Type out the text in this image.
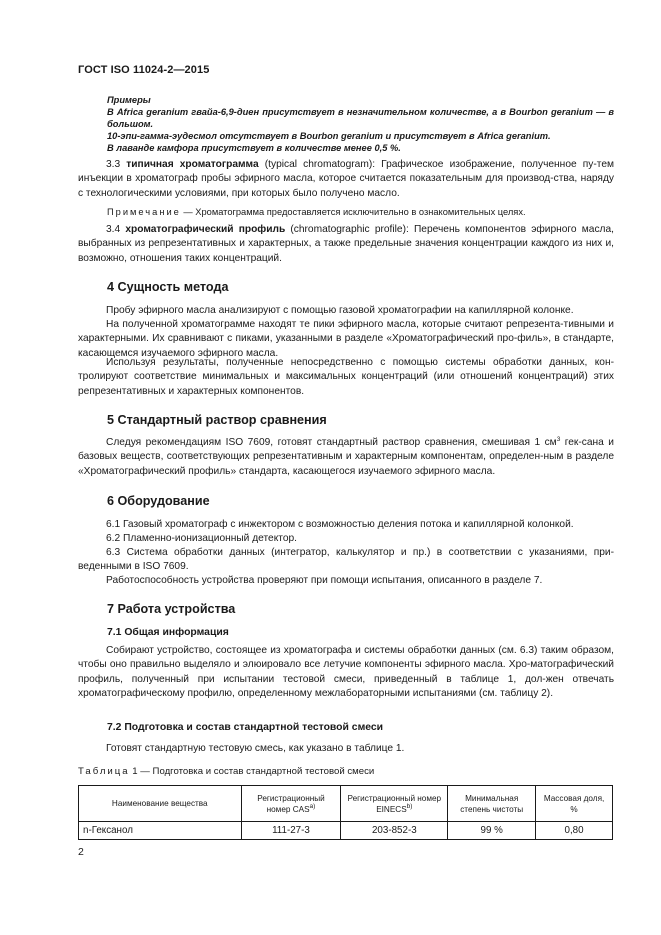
ГОСТ ISO 11024-2—2015
Примеры
В Africa geranium гвайа-6,9-диен присутствует в незначительном количестве, а в Bourbon geranium — в большом.
10-эпи-гамма-эудесмол отсутствует в Bourbon geranium и присутствует в Africa geranium.
В лаванде камфора присутствует в количестве менее 0,5 %.

3.3 типичная хроматограмма (typical chromatogram): Графическое изображение, полученное пу-тем инъекции в хроматограф пробы эфирного масла, которое считается показательным для производ-ства, наряду с технологическими условиями, при которых было получено масло.

Примечание — Хроматограмма предоставляется исключительно в ознакомительных целях.

3.4 хроматографический профиль (chromatographic profile): Перечень компонентов эфирного масла, выбранных из репрезентативных и характерных, а также предельные значения концентрации каждого из них и, возможно, отношения таких концентраций.

4 Сущность метода

Пробу эфирного масла анализируют с помощью газовой хроматографии на капиллярной колонке.

На полученной хроматограмме находят те пики эфирного масла, которые считают репрезента-тивными и характерными. Их сравнивают с пиками, указанными в разделе «Хроматографический про-филь», в стандарте, касающемся изучаемого эфирного масла.

Используя результаты, полученные непосредственно с помощью системы обработки данных, кон-тролируют соответствие минимальных и максимальных концентраций (или отношений концентраций) этих репрезентативных и характерных компонентов.

5 Стандартный раствор сравнения

Следуя рекомендациям ISO 7609, готовят стандартный раствор сравнения, смешивая 1 $см^3$ гек-сана и базовых веществ, соответствующих репрезентативным и характерным компонентам, определен-ным в разделе «Хроматографический профиль» стандарта, касающегося изучаемого эфирного масла.

6 Оборудование

6.1 Газовый хроматограф с инжектором с возможностью деления потока и капиллярной колонкой.

6.2 Пламенно-ионизационный детектор.

6.3 Система обработки данных (интегратор, калькулятор и пр.) в соответствии с указаниями, при-веденными в ISO 7609.

Работоспособность устройства проверяют при помощи испытания, описанного в разделе 7.

7 Работа устройства
7.1 Общая информация

Собирают устройство, состоящее из хроматографа и системы обработки данных (см. 6.3) таким образом, чтобы оно правильно выделяло и элюировало все летучие компоненты эфирного масла. Хро-матографический профиль, полученный при испытании тестовой смеси, приведенный в таблице 1, дол-жен отвечать хроматографическому профилю, определенному межлабораторными испытаниями (см. таблицу 2).

7.2 Подготовка и состав стандартной тестовой смеси

Готовят стандартную тестовую смесь, как указано в таблице 1.

Таблица 1 — Подготовка и состав стандартной тестовой смеси
Наименование вещества	Регистрационный номер CAS$^{a)}$	Регистрационный номер EINECS$^{b)}$	Минимальная степень чистоты	Массовая доля, %
n-Гексанол	111-27-3	203-852-3	99 %	0,80
2
